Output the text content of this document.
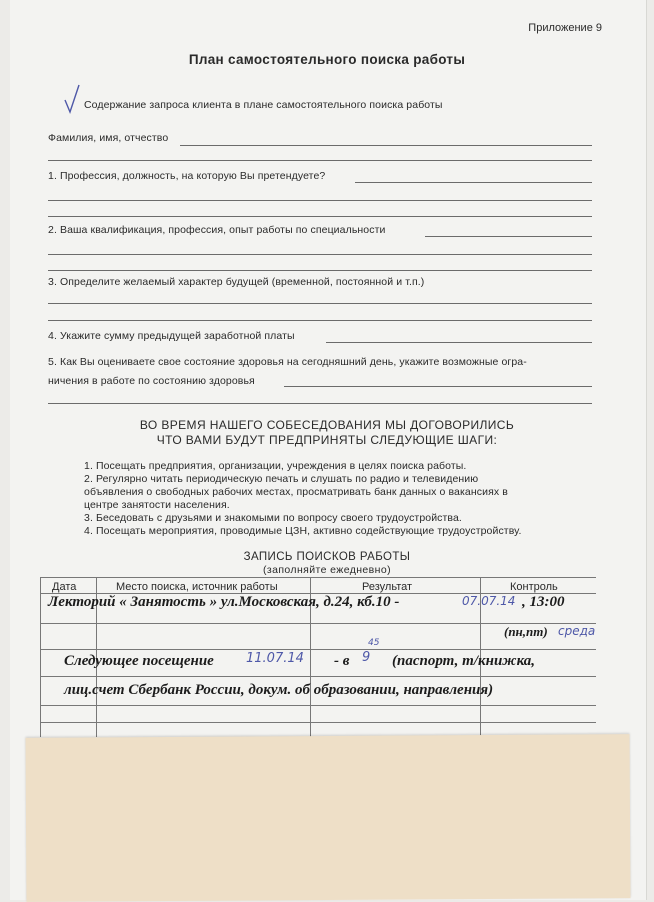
Приложение 9
План самостоятельного поиска работы
Содержание запроса клиента в плане самостоятельного поиска работы
Фамилия, имя, отчество
1. Профессия, должность, на которую Вы претендуете?
2. Ваша квалификация, профессия, опыт работы по специальности
3. Определите желаемый характер будущей (временной, постоянной и т.п.)
4. Укажите сумму предыдущей заработной платы
5. Как Вы оцениваете свое состояние здоровья на сегодняшний день, укажите возможные огра-
ничения в работе по состоянию здоровья
ВО ВРЕМЯ НАШЕГО СОБЕСЕДОВАНИЯ МЫ ДОГОВОРИЛИСЬ
ЧТО ВАМИ БУДУТ ПРЕДПРИНЯТЫ СЛЕДУЮЩИЕ ШАГИ:
1. Посещать предприятия, организации, учреждения в целях поиска работы.
2. Регулярно читать периодическую печать и слушать по радио и телевидению
объявления о свободных рабочих местах, просматривать банк данных о вакансиях в
центре занятости населения.
3. Беседовать с друзьями и знакомыми по вопросу своего трудоустройства.
4. Посещать мероприятия, проводимые ЦЗН, активно содействующие трудоустройству.
ЗАПИСЬ ПОИСКОВ РАБОТЫ
(заполняйте ежедневно)
Дата	Место поиска, источник работы	Результат	Контроль
Лекторий « Занятость » ул.Московская, д.24, кб.10 -	07.07.14 , 13:00
(пн,пт) среда
Следующее посещение 11.07.14 - в 9
45
(паспорт, т/книжка,
лиц.счет Сбербанк России, докум. об образовании, направления)
